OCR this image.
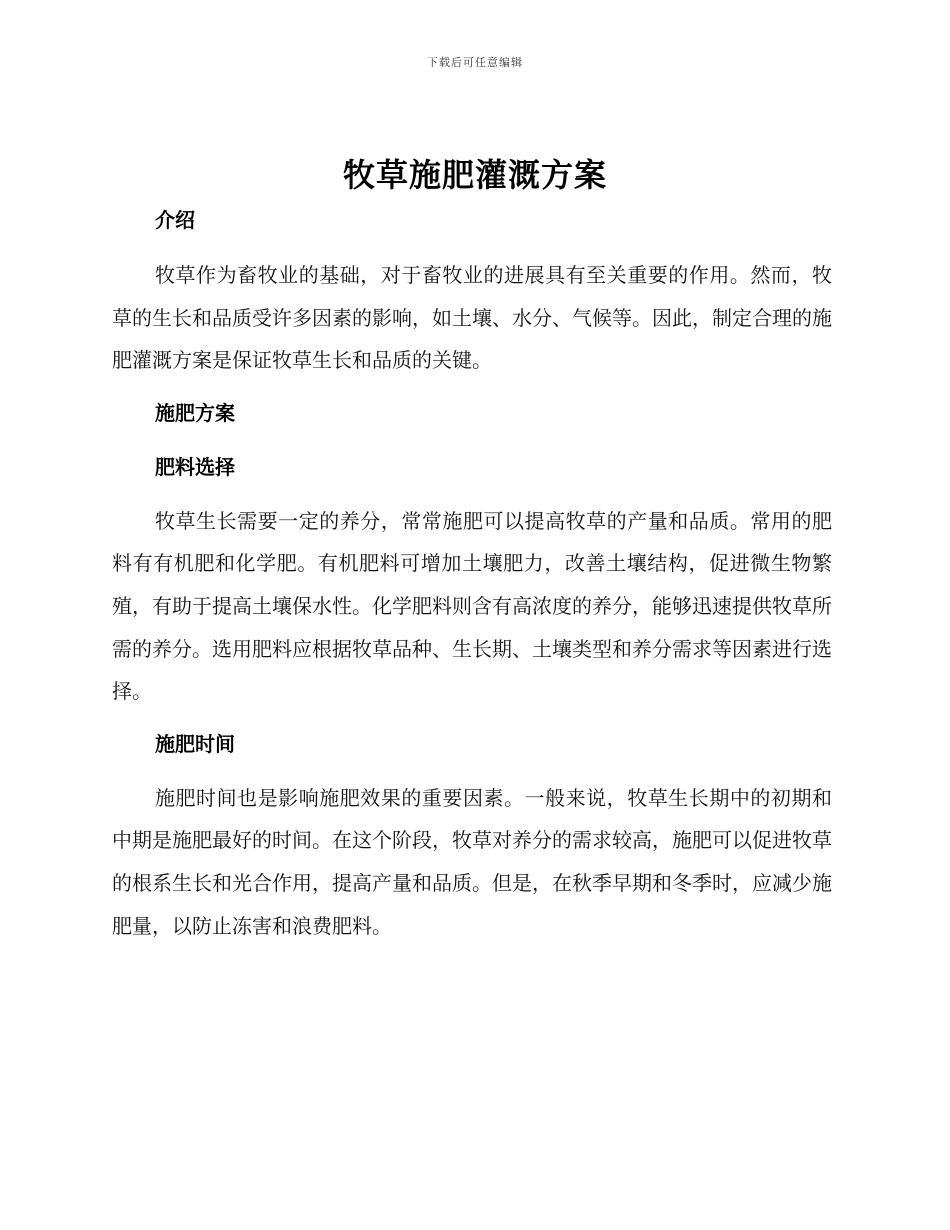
下载后可任意编辑
牧草施肥灌溉方案
介绍

牧草作为畜牧业的基础，对于畜牧业的进展具有至关重要的作用。然而，牧草的生长和品质受许多因素的影响，如土壤、水分、气候等。因此，制定合理的施肥灌溉方案是保证牧草生长和品质的关键。

施肥方案
肥料选择

牧草生长需要一定的养分，常常施肥可以提高牧草的产量和品质。常用的肥料有有机肥和化学肥。有机肥料可增加土壤肥力，改善土壤结构，促进微生物繁殖，有助于提高土壤保水性。化学肥料则含有高浓度的养分，能够迅速提供牧草所需的养分。选用肥料应根据牧草品种、生长期、土壤类型和养分需求等因素进行选择。

施肥时间

施肥时间也是影响施肥效果的重要因素。一般来说，牧草生长期中的初期和中期是施肥最好的时间。在这个阶段，牧草对养分的需求较高，施肥可以促进牧草的根系生长和光合作用，提高产量和品质。但是，在秋季早期和冬季时，应减少施肥量，以防止冻害和浪费肥料。
